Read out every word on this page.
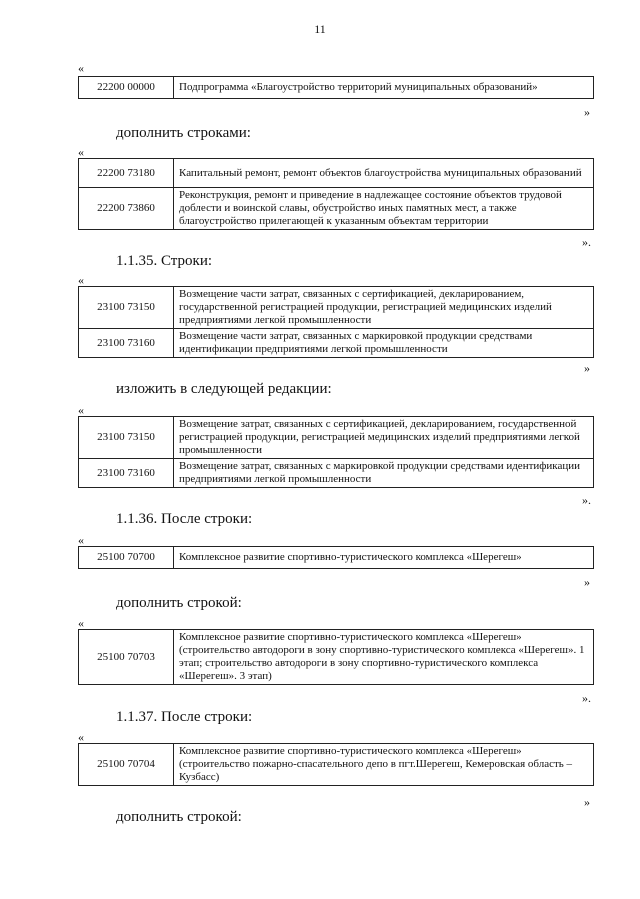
11
«
22200 00000	Подпрограмма «Благоустройство территорий муниципальных образований»
»
дополнить строками:
«
22200 73180	Капитальный ремонт, ремонт объектов благоустройства муниципальных образований
22200 73860	Реконструкция, ремонт и приведение в надлежащее состояние объектов трудовой доблести и воинской славы, обустройство иных памятных мест, а также благоустройство прилегающей к указанным объектам территории
».
1.1.35. Строки:
«
23100 73150	Возмещение части затрат, связанных с сертификацией, декларированием, государственной регистрацией продукции, регистрацией медицинских изделий предприятиями легкой промышленности
23100 73160	Возмещение части затрат, связанных с маркировкой продукции средствами идентификации предприятиями легкой промышленности
»
изложить в следующей редакции:
«
23100 73150	Возмещение затрат, связанных с сертификацией, декларированием, государственной регистрацией продукции, регистрацией медицинских изделий предприятиями легкой промышленности
23100 73160	Возмещение затрат, связанных с маркировкой продукции средствами идентификации предприятиями легкой промышленности
».
1.1.36. После строки:
«
25100 70700	Комплексное развитие спортивно-туристического комплекса «Шерегеш»
»
дополнить строкой:
«
25100 70703	Комплексное развитие спортивно-туристического комплекса «Шерегеш» (строительство автодороги в зону спортивно-туристического комплекса «Шерегеш». 1 этап; строительство автодороги в зону спортивно-туристического комплекса «Шерегеш». 3 этап)
».
1.1.37. После строки:
«
25100 70704	Комплексное развитие спортивно-туристического комплекса «Шерегеш» (строительство пожарно-спасательного депо в пгт.Шерегеш, Кемеровская область – Кузбасс)
»
дополнить строкой:
